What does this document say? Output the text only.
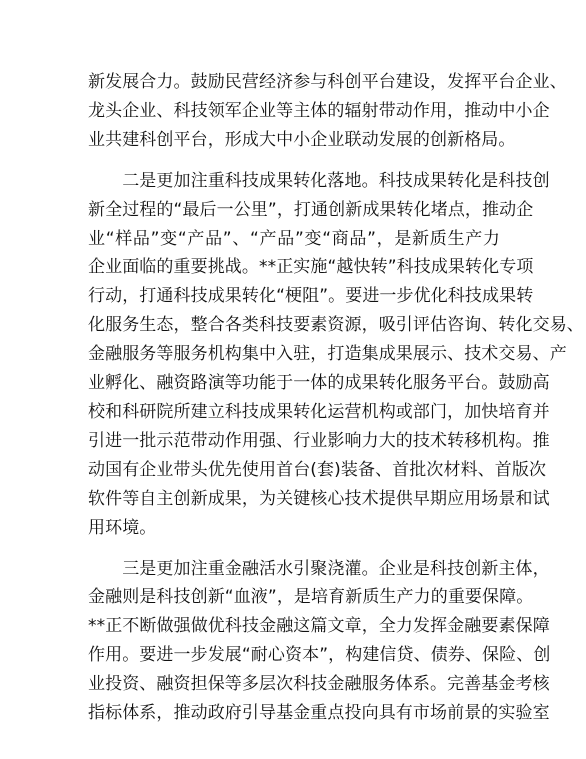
新发展合力。鼓励民营经济参与科创平台建设，发挥平台企业、
龙头企业、科技领军企业等主体的辐射带动作用，推动中小企
业共建科创平台，形成大中小企业联动发展的创新格局。

　　二是更加注重科技成果转化落地。科技成果转化是科技创
新全过程的“最后一公里”，打通创新成果转化堵点，推动企
业“样品”变“产品”、“产品”变“商品”，是新质生产力
企业面临的重要挑战。**正实施“越快转”科技成果转化专项
行动，打通科技成果转化“梗阻”。要进一步优化科技成果转
化服务生态，整合各类科技要素资源，吸引评估咨询、转化交易、
金融服务等服务机构集中入驻，打造集成果展示、技术交易、产
业孵化、融资路演等功能于一体的成果转化服务平台。鼓励高
校和科研院所建立科技成果转化运营机构或部门，加快培育并
引进一批示范带动作用强、行业影响力大的技术转移机构。推
动国有企业带头优先使用首台(套)装备、首批次材料、首版次
软件等自主创新成果，为关键核心技术提供早期应用场景和试
用环境。

　　三是更加注重金融活水引聚浇灌。企业是科技创新主体，
金融则是科技创新“血液”，是培育新质生产力的重要保障。
**正不断做强做优科技金融这篇文章，全力发挥金融要素保障
作用。要进一步发展“耐心资本”，构建信贷、债券、保险、创
业投资、融资担保等多层次科技金融服务体系。完善基金考核
指标体系，推动政府引导基金重点投向具有市场前景的实验室
